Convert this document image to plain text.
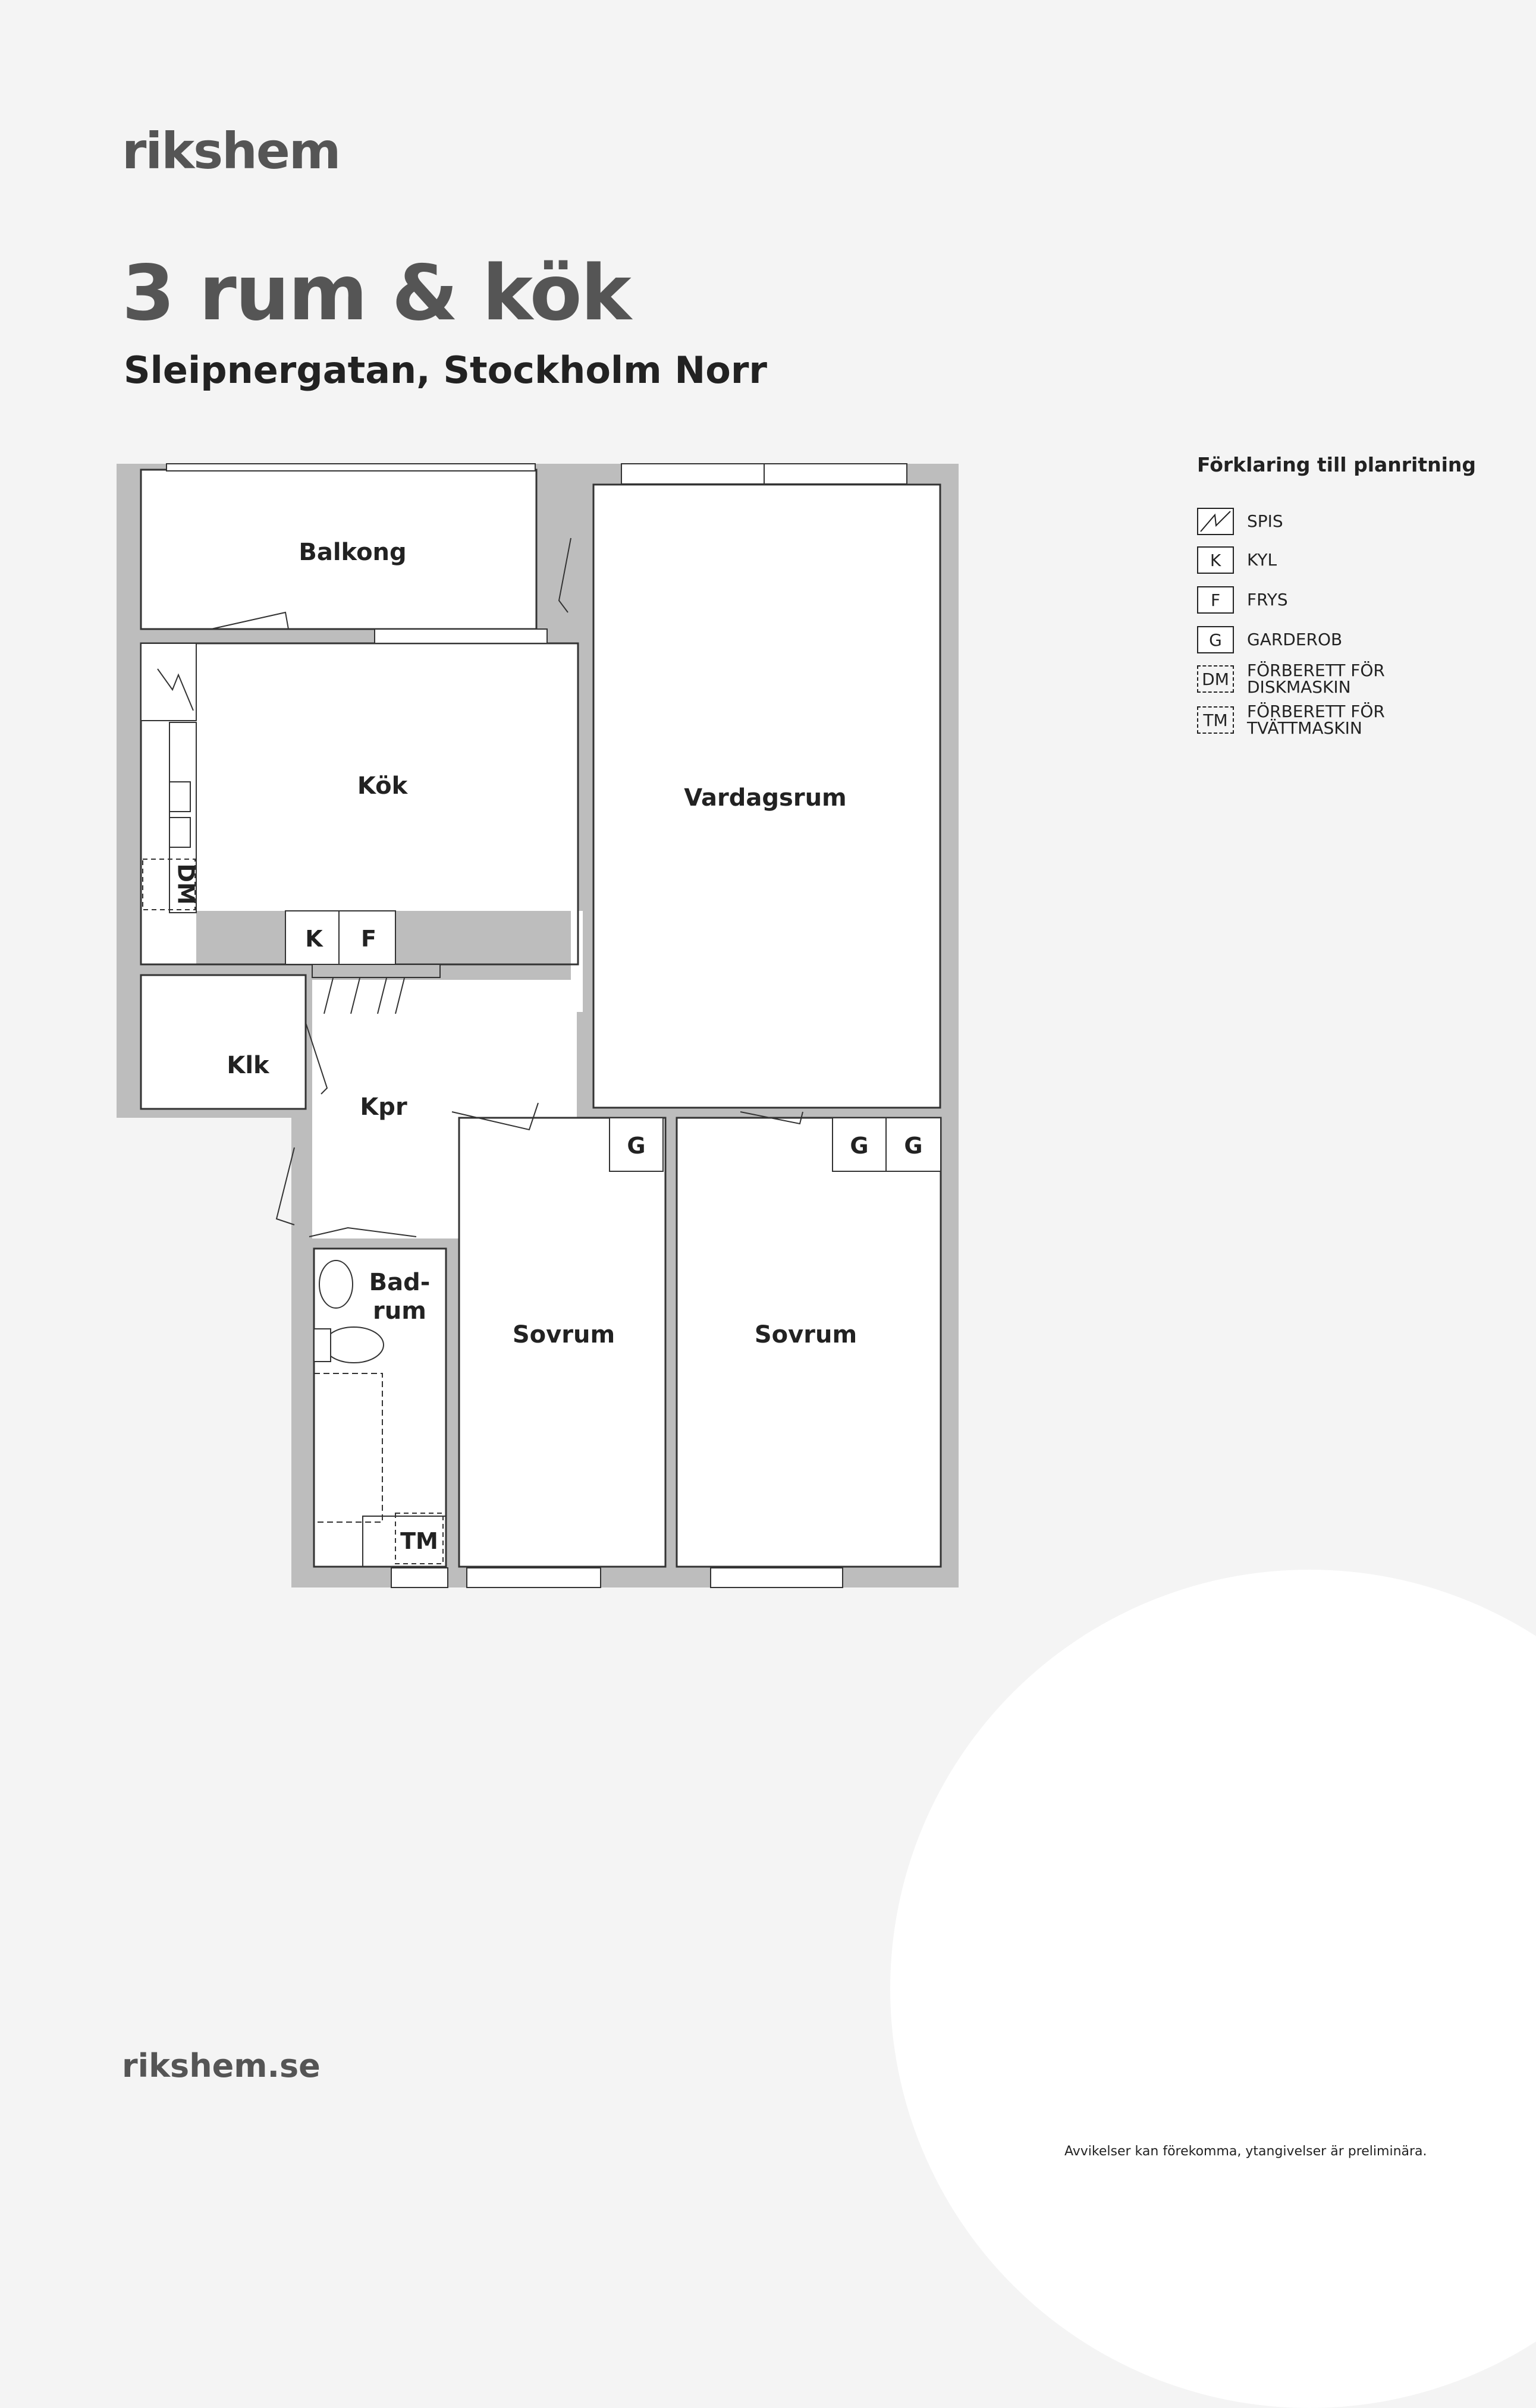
rikshem
3 rum & kök
Sleipnergatan, Stockholm Norr
DM
K F
G	G G
TM
Balkong
Kök	Vardagsrum
Klk
Kpr
Bad-
rum
Sovrum	Sovrum
Förklaring till planritning
SPIS
K	KYL
F	FRYS
G	GARDEROB
DM FÖRBERETT FÖR DISKMASKIN
TM	FÖRBERETT FÖR TVÄTTMASKIN
rikshem.se
Avvikelser kan förekomma, ytangivelser är preliminära.
